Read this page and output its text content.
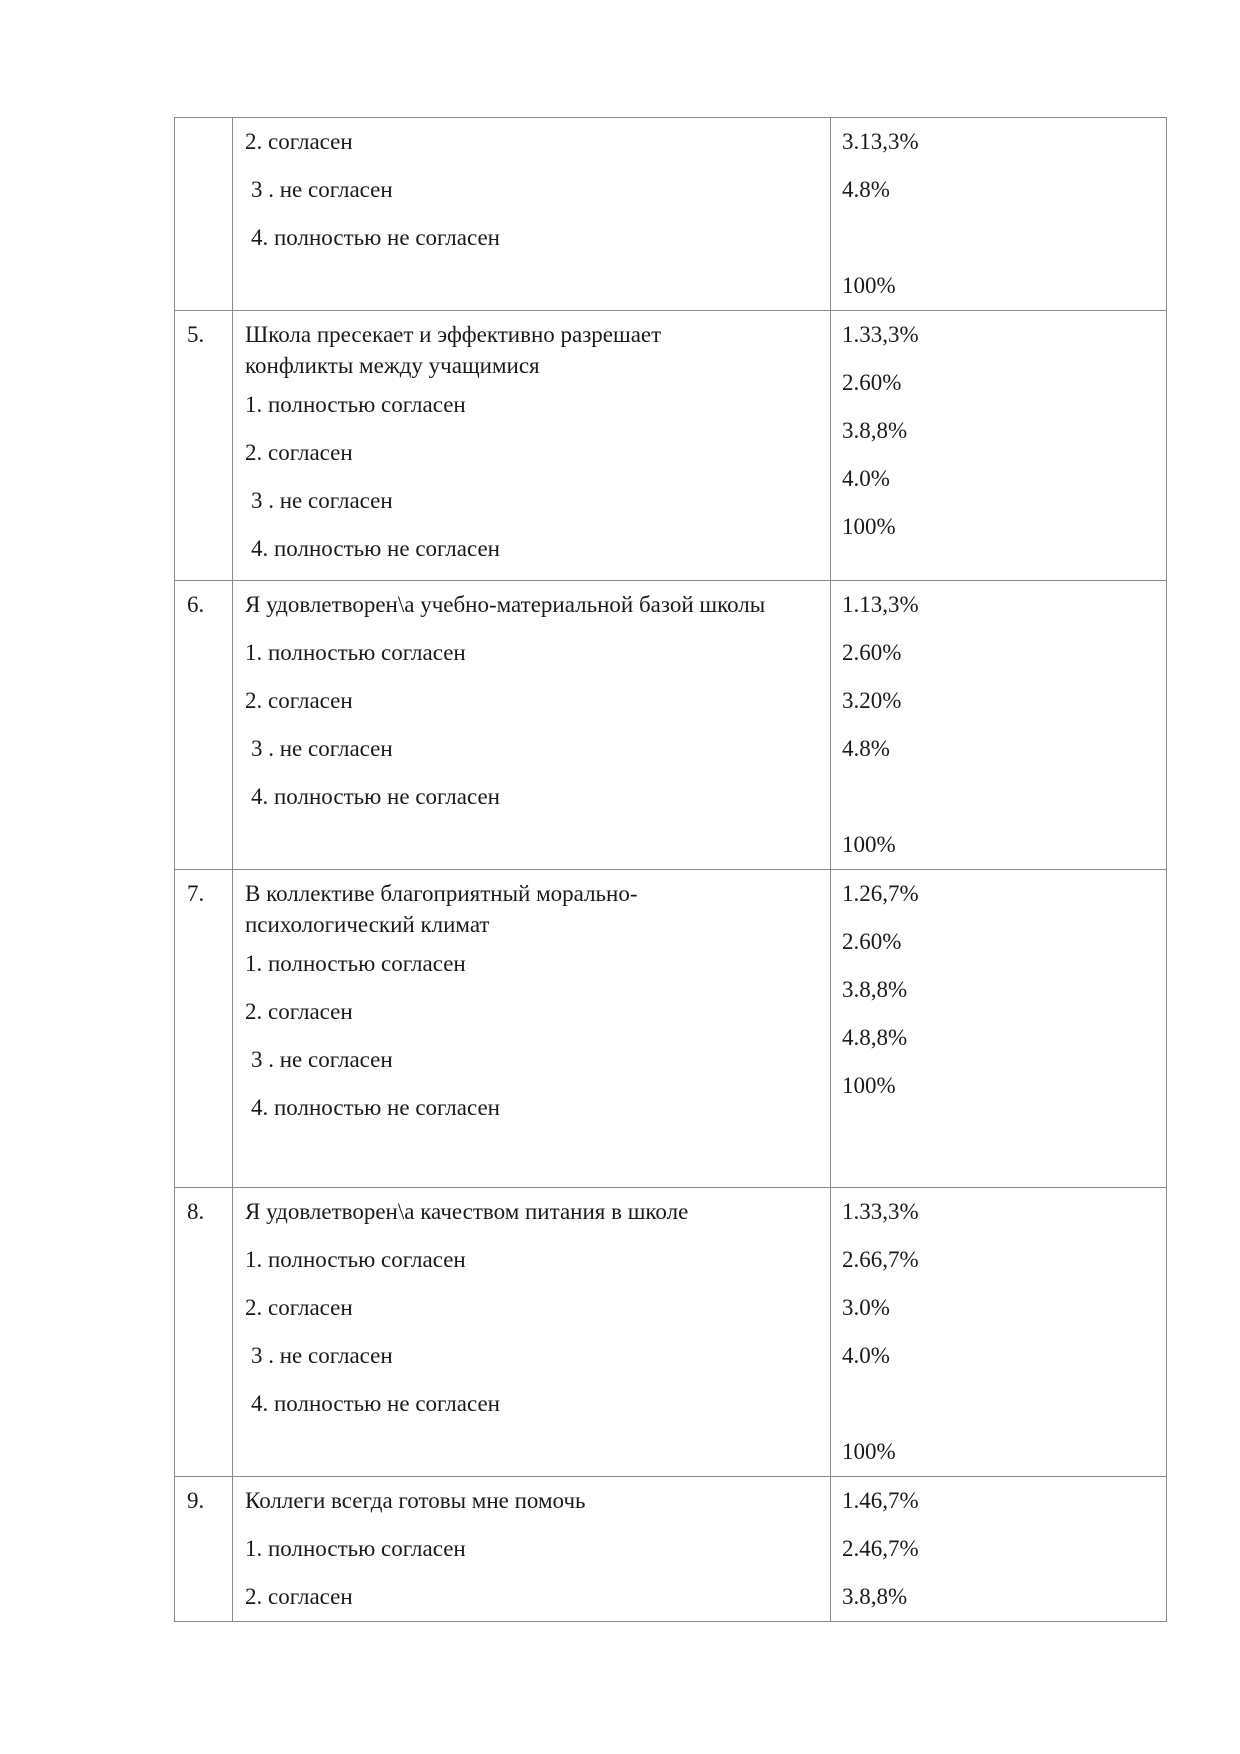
	2. согласен
3 . не согласен
4. полностью не согласен	3.13,3%
4.8%
100%

5.	Школа пресекает и эффективно разрешает конфликты между учащимися
1. полностью согласен
2. согласен
3 . не согласен
4. полностью не согласен	1.33,3%
2.60%
3.8,8%
4.0%
100%

6.	Я удовлетворен\а учебно-материальной базой школы
1. полностью согласен
2. согласен
3 . не согласен
4. полностью не согласен	1.13,3%
2.60%
3.20%
4.8%
100%

7.	В коллективе благоприятный морально-психологический климат
1. полностью согласен
2. согласен
3 . не согласен
4. полностью не согласен	1.26,7%
2.60%
3.8,8%
4.8,8%
100%

8.	Я удовлетворен\а качеством питания в школе
1. полностью согласен
2. согласен
3 . не согласен
4. полностью не согласен	1.33,3%
2.66,7%
3.0%
4.0%
100%

9.	Коллеги всегда готовы мне помочь
1. полностью согласен
2. согласен	1.46,7%
2.46,7%
3.8,8%
